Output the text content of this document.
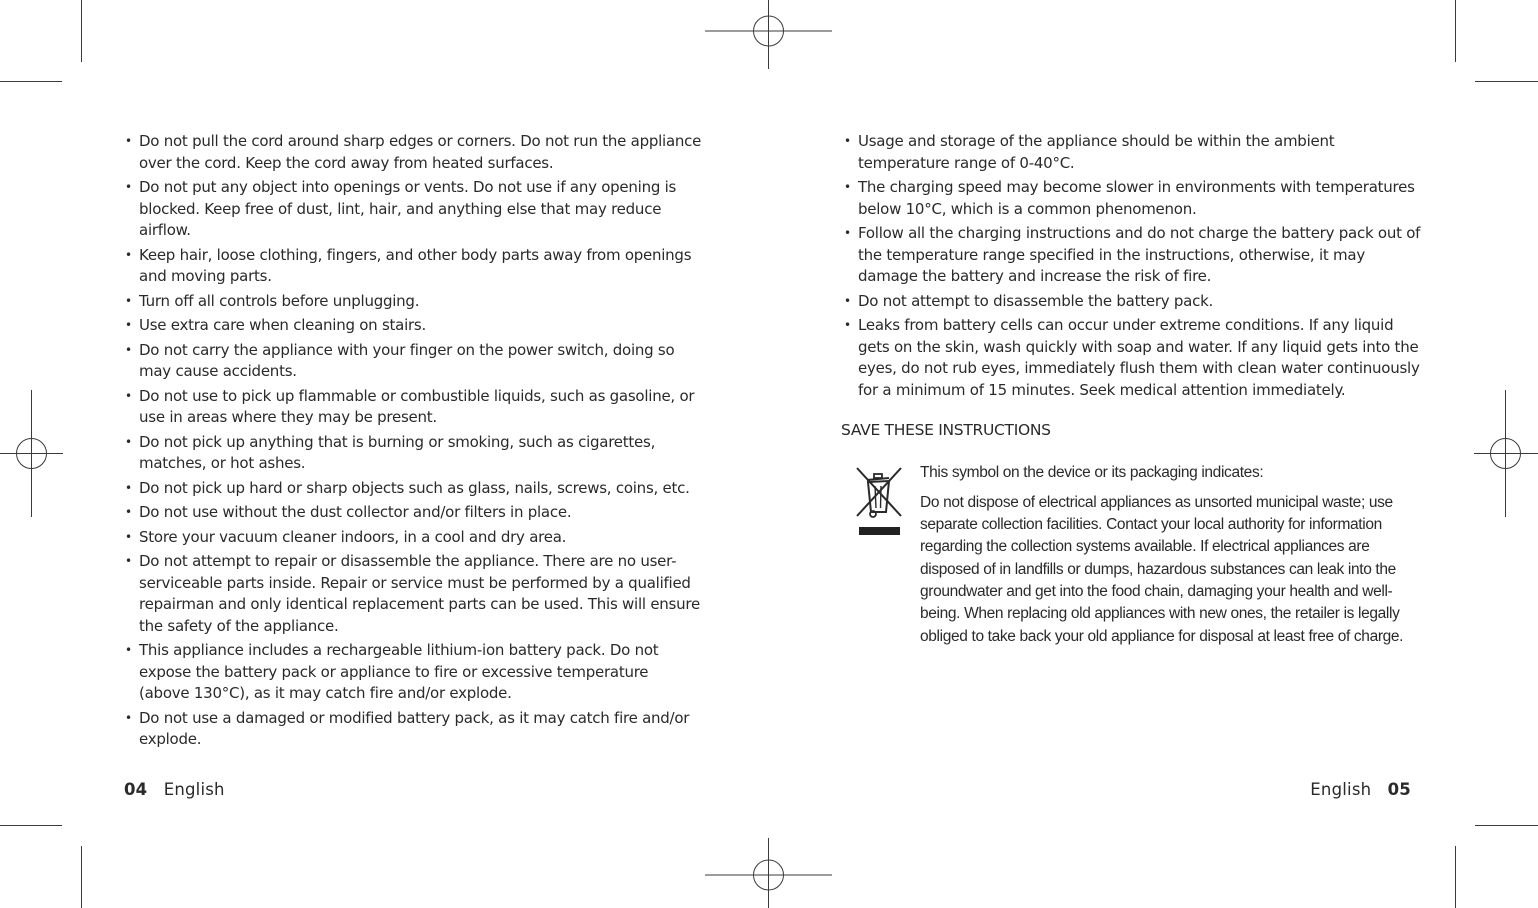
• Do not pull the cord around sharp edges or corners. Do not run the appliance over the cord. Keep the cord away from heated surfaces.
• Do not put any object into openings or vents. Do not use if any opening is blocked. Keep free of dust, lint, hair, and anything else that may reduce airflow.
• Keep hair, loose clothing, fingers, and other body parts away from openings and moving parts.
• Turn off all controls before unplugging.
• Use extra care when cleaning on stairs.
• Do not carry the appliance with your finger on the power switch, doing so may cause accidents.
• Do not use to pick up flammable or combustible liquids, such as gasoline, or use in areas where they may be present.
• Do not pick up anything that is burning or smoking, such as cigarettes, matches, or hot ashes.
• Do not pick up hard or sharp objects such as glass, nails, screws, coins, etc.
• Do not use without the dust collector and/or filters in place.
• Store your vacuum cleaner indoors, in a cool and dry area.
• Do not attempt to repair or disassemble the appliance. There are no user-serviceable parts inside. Repair or service must be performed by a qualified repairman and only identical replacement parts can be used. This will ensure the safety of the appliance.
• This appliance includes a rechargeable lithium-ion battery pack. Do not expose the battery pack or appliance to fire or excessive temperature (above 130°C), as it may catch fire and/or explode.
• Do not use a damaged or modified battery pack, as it may catch fire and/or explode.
• Usage and storage of the appliance should be within the ambient temperature range of 0-40°C.
• The charging speed may become slower in environments with temperatures below 10°C, which is a common phenomenon.
• Follow all the charging instructions and do not charge the battery pack out of the temperature range specified in the instructions, otherwise, it may damage the battery and increase the risk of fire.
• Do not attempt to disassemble the battery pack.
• Leaks from battery cells can occur under extreme conditions. If any liquid gets on the skin, wash quickly with soap and water. If any liquid gets into the eyes, do not rub eyes, immediately flush them with clean water continuously for a minimum of 15 minutes. Seek medical attention immediately.
SAVE THESE INSTRUCTIONS

This symbol on the device or its packaging indicates:

Do not dispose of electrical appliances as unsorted municipal waste; use separate collection facilities. Contact your local authority for information regarding the collection systems available. If electrical appliances are disposed of in landfills or dumps, hazardous substances can leak into the groundwater and get into the food chain, damaging your health and well-being. When replacing old appliances with new ones, the retailer is legally obliged to take back your old appliance for disposal at least free of charge.

04 English	English 05
